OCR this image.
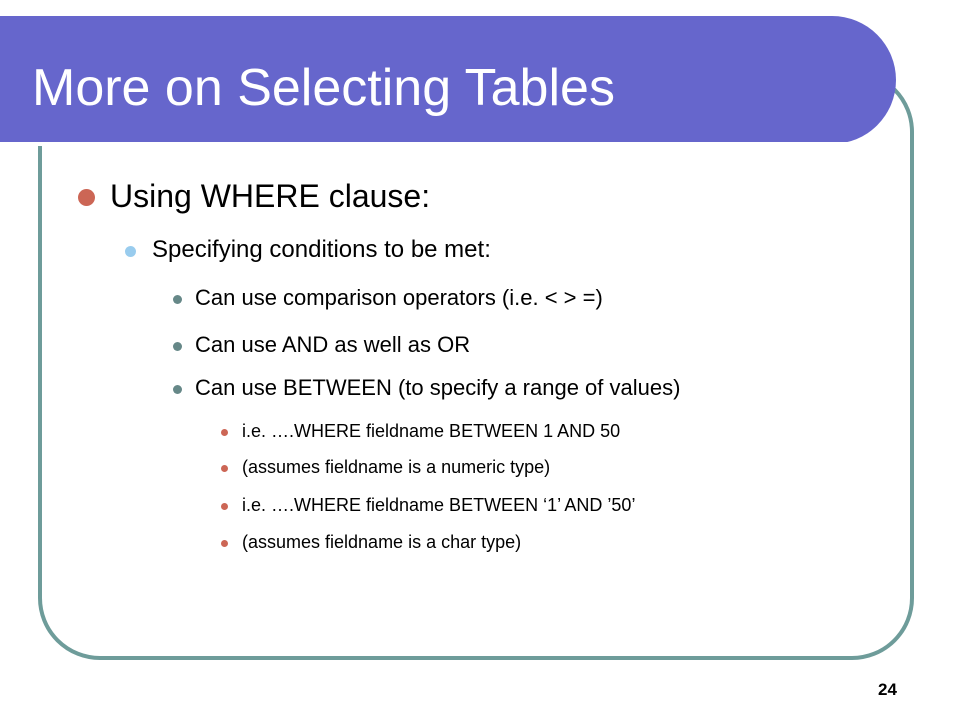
More on Selecting Tables
Using WHERE clause:
Specifying conditions to be met:
Can use comparison operators (i.e. < > =)
Can use AND as well as OR
Can use BETWEEN (to specify a range of values)
i.e. ….WHERE fieldname BETWEEN 1 AND 50
(assumes fieldname is a numeric type)
i.e. ….WHERE fieldname BETWEEN ‘1’ AND ’50’
(assumes fieldname is a char type)
24
